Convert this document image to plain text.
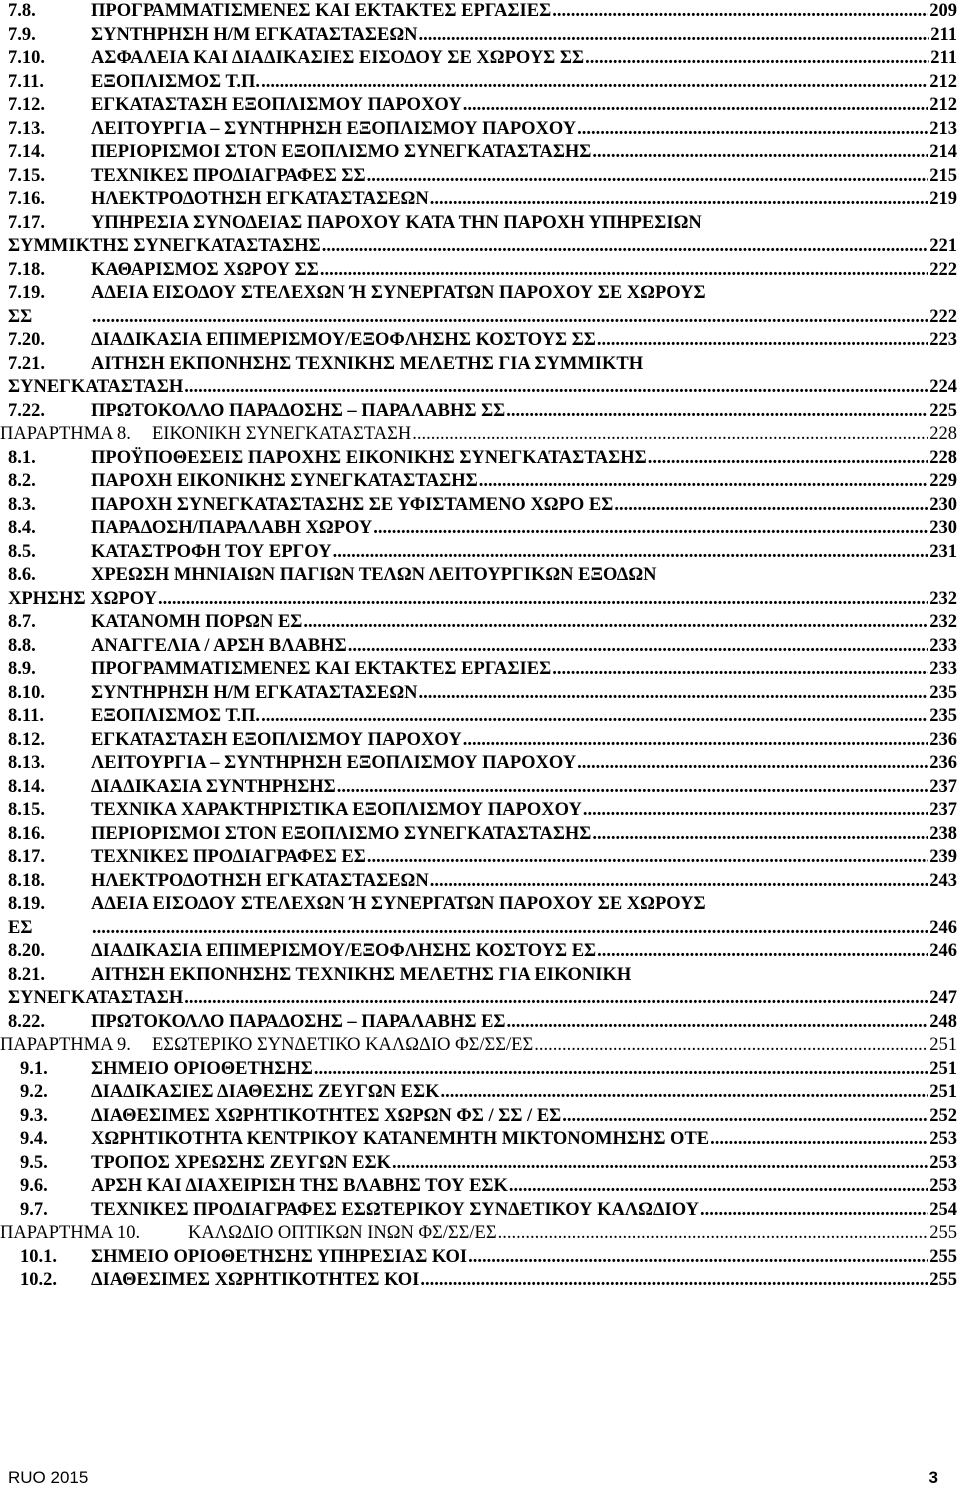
7.8.	ΠΡΟΓΡΑΜΜΑΤΙΣΜΕΝΕΣ ΚΑΙ ΕΚΤΑΚΤΕΣ ΕΡΓΑΣΙΕΣ .....	209
7.9.	ΣΥΝΤΗΡΗΣΗ Η/Μ ΕΓΚΑΤΑΣΤΑΣΕΩΝ .....	211
7.10. ΑΣΦΑΛΕΙΑ ΚΑΙ ΔΙΑΔΙΚΑΣΙΕΣ ΕΙΣΟΔΟΥ ΣΕ ΧΩΡΟΥΣ ΣΣ .....	211
7.11.	ΕΞΟΠΛΙΣΜΟΣ Τ.Π. .....	212
7.12. ΕΓΚΑΤΑΣΤΑΣΗ ΕΞΟΠΛΙΣΜΟΥ ΠΑΡΟΧΟΥ .....	212
7.13. ΛΕΙΤΟΥΡΓΙΑ – ΣΥΝΤΗΡΗΣΗ ΕΞΟΠΛΙΣΜΟΥ ΠΑΡΟΧΟΥ .....	213
7.14. ΠΕΡΙΟΡΙΣΜΟΙ ΣΤΟΝ ΕΞΟΠΛΙΣΜΟ ΣΥΝΕΓΚΑΤΑΣΤΑΣΗΣ .....	214
7.15. ΤΕΧΝΙΚΕΣ ΠΡΟΔΙΑΓΡΑΦΕΣ ΣΣ .....	215
7.16. ΗΛΕΚΤΡΟΔΟΤΗΣΗ ΕΓΚΑΤΑΣΤΑΣΕΩΝ .....	219
7.17. ΥΠΗΡΕΣΙΑ ΣΥΝΟΔΕΙΑΣ ΠΑΡΟΧΟΥ ΚΑΤΑ ΤΗΝ ΠΑΡΟΧΗ ΥΠΗΡΕΣΙΩΝ
ΣΥΜΜΙΚΤΗΣ ΣΥΝΕΓΚΑΤΑΣΤΑΣΗΣ .....	221
7.18. ΚΑΘΑΡΙΣΜΟΣ ΧΩΡΟΥ ΣΣ .....	222
7.19. ΑΔΕΙΑ ΕΙΣΟΔΟΥ ΣΤΕΛΕΧΩΝ Ή ΣΥΝΕΡΓΑΤΩΝ ΠΑΡΟΧΟΥ ΣΕ ΧΩΡΟΥΣ
ΣΣ .....	222
7.20. ΔΙΑΔΙΚΑΣΙΑ ΕΠΙΜΕΡΙΣΜΟΥ/ΕΞΟΦΛΗΣΗΣ ΚΟΣΤΟΥΣ ΣΣ .....	223
7.21. ΑΙΤΗΣΗ ΕΚΠΟΝΗΣΗΣ ΤΕΧΝΙΚΗΣ ΜΕΛΕΤΗΣ ΓΙΑ ΣΥΜΜΙΚΤΗ
ΣΥΝΕΓΚΑΤΑΣΤΑΣΗ .....	224
7.22. ΠΡΩΤΟΚΟΛΛΟ ΠΑΡΑΔΟΣΗΣ – ΠΑΡΑΛΑΒΗΣ ΣΣ .....	225
ΠΑΡΑΡΤΗΜΑ 8. ΕΙΚΟΝΙΚΗ ΣΥΝΕΓΚΑΤΑΣΤΑΣΗ .....	228
8.1.	ΠΡΟΫΠΟΘΕΣΕΙΣ ΠΑΡΟΧΗΣ ΕΙΚΟΝΙΚΗΣ ΣΥΝΕΓΚΑΤΑΣΤΑΣΗΣ .....	228
8.2.	ΠΑΡΟΧΗ ΕΙΚΟΝΙΚΗΣ ΣΥΝΕΓΚΑΤΑΣΤΑΣΗΣ .....	229
8.3.	ΠΑΡΟΧΗ ΣΥΝΕΓΚΑΤΑΣΤΑΣΗΣ ΣΕ ΥΦΙΣΤΑΜΕΝΟ ΧΩΡΟ ΕΣ .....	230
8.4.	ΠΑΡΑΔΟΣΗ/ΠΑΡΑΛΑΒΗ ΧΩΡΟΥ .....	230
8.5.	ΚΑΤΑΣΤΡΟΦΗ ΤΟΥ ΕΡΓΟΥ .....	231
8.6.	ΧΡΕΩΣΗ ΜΗΝΙΑΙΩΝ ΠΑΓΙΩΝ ΤΕΛΩΝ ΛΕΙΤΟΥΡΓΙΚΩΝ ΕΞΟΔΩΝ
ΧΡΗΣΗΣ ΧΩΡΟΥ .....	232
8.7.	ΚΑΤΑΝΟΜΗ ΠΟΡΩΝ ΕΣ .....	232
8.8.	ΑΝΑΓΓΕΛΙΑ / ΑΡΣΗ ΒΛΑΒΗΣ .....	233
8.9.	ΠΡΟΓΡΑΜΜΑΤΙΣΜΕΝΕΣ ΚΑΙ ΕΚΤΑΚΤΕΣ ΕΡΓΑΣΙΕΣ .....	233
8.10. ΣΥΝΤΗΡΗΣΗ Η/Μ ΕΓΚΑΤΑΣΤΑΣΕΩΝ .....	235
8.11.	ΕΞΟΠΛΙΣΜΟΣ Τ.Π. .....	235
8.12. ΕΓΚΑΤΑΣΤΑΣΗ ΕΞΟΠΛΙΣΜΟΥ ΠΑΡΟΧΟΥ .....	236
8.13. ΛΕΙΤΟΥΡΓΙΑ – ΣΥΝΤΗΡΗΣΗ ΕΞΟΠΛΙΣΜΟΥ ΠΑΡΟΧΟΥ .....	236
8.14. ΔΙΑΔΙΚΑΣΙΑ ΣΥΝΤΗΡΗΣΗΣ .....	237
8.15. ΤΕΧΝΙΚΑ ΧΑΡΑΚΤΗΡΙΣΤΙΚΑ ΕΞΟΠΛΙΣΜΟΥ ΠΑΡΟΧΟΥ .....	237
8.16. ΠΕΡΙΟΡΙΣΜΟΙ ΣΤΟΝ ΕΞΟΠΛΙΣΜΟ ΣΥΝΕΓΚΑΤΑΣΤΑΣΗΣ .....	238
8.17. ΤΕΧΝΙΚΕΣ ΠΡΟΔΙΑΓΡΑΦΕΣ ΕΣ .....	239
8.18. ΗΛΕΚΤΡΟΔΟΤΗΣΗ ΕΓΚΑΤΑΣΤΑΣΕΩΝ .....	243
8.19. ΑΔΕΙΑ ΕΙΣΟΔΟΥ ΣΤΕΛΕΧΩΝ Ή ΣΥΝΕΡΓΑΤΩΝ ΠΑΡΟΧΟΥ ΣΕ ΧΩΡΟΥΣ
ΕΣ .....	246
8.20. ΔΙΑΔΙΚΑΣΙΑ ΕΠΙΜΕΡΙΣΜΟΥ/ΕΞΟΦΛΗΣΗΣ ΚΟΣΤΟΥΣ ΕΣ .....	246
8.21. ΑΙΤΗΣΗ ΕΚΠΟΝΗΣΗΣ ΤΕΧΝΙΚΗΣ ΜΕΛΕΤΗΣ ΓΙΑ ΕΙΚΟΝΙΚΗ
ΣΥΝΕΓΚΑΤΑΣΤΑΣΗ .....	247
8.22. ΠΡΩΤΟΚΟΛΛΟ ΠΑΡΑΔΟΣΗΣ – ΠΑΡΑΛΑΒΗΣ ΕΣ .....	248
ΠΑΡΑΡΤΗΜΑ 9. ΕΣΩΤΕΡΙΚΟ ΣΥΝΔΕΤΙΚΟ ΚΑΛΩΔΙΟ ΦΣ/ΣΣ/ΕΣ .....	251
9.1. ΣΗΜΕΙΟ ΟΡΙΟΘΕΤΗΣΗΣ .....	251
9.2. ΔΙΑΔΙΚΑΣΙΕΣ ΔΙΑΘΕΣΗΣ ΖΕΥΓΩΝ ΕΣΚ .....	251
9.3. ΔΙΑΘΕΣΙΜΕΣ ΧΩΡΗΤΙΚΟΤΗΤΕΣ ΧΩΡΩΝ ΦΣ / ΣΣ / ΕΣ .....	252
9.4. ΧΩΡΗΤΙΚΟΤΗΤΑ ΚΕΝΤΡΙΚΟΥ ΚΑΤΑΝΕΜΗΤΗ ΜΙΚΤΟΝΟΜΗΣΗΣ ΟΤΕ .....	253
9.5. ΤΡΟΠΟΣ ΧΡΕΩΣΗΣ ΖΕΥΓΩΝ ΕΣΚ .....	253
9.6. ΑΡΣΗ ΚΑΙ ΔΙΑΧΕΙΡΙΣΗ ΤΗΣ ΒΛΑΒΗΣ ΤΟΥ ΕΣΚ .....	253
9.7. ΤΕΧΝΙΚΕΣ ΠΡΟΔΙΑΓΡΑΦΕΣ ΕΣΩΤΕΡΙΚΟΥ ΣΥΝΔΕΤΙΚΟΥ ΚΑΛΩΔΙΟΥ .....	254
ΠΑΡΑΡΤΗΜΑ 10.	ΚΑΛΩΔΙΟ ΟΠΤΙΚΩΝ ΙΝΩΝ ΦΣ/ΣΣ/ΕΣ .....	255
10.1. ΣΗΜΕΙΟ ΟΡΙΟΘΕΤΗΣΗΣ ΥΠΗΡΕΣΙΑΣ ΚΟΙ .....	255
10.2. ΔΙΑΘΕΣΙΜΕΣ ΧΩΡΗΤΙΚΟΤΗΤΕΣ ΚΟΙ .....	255
RUO 2015	3
